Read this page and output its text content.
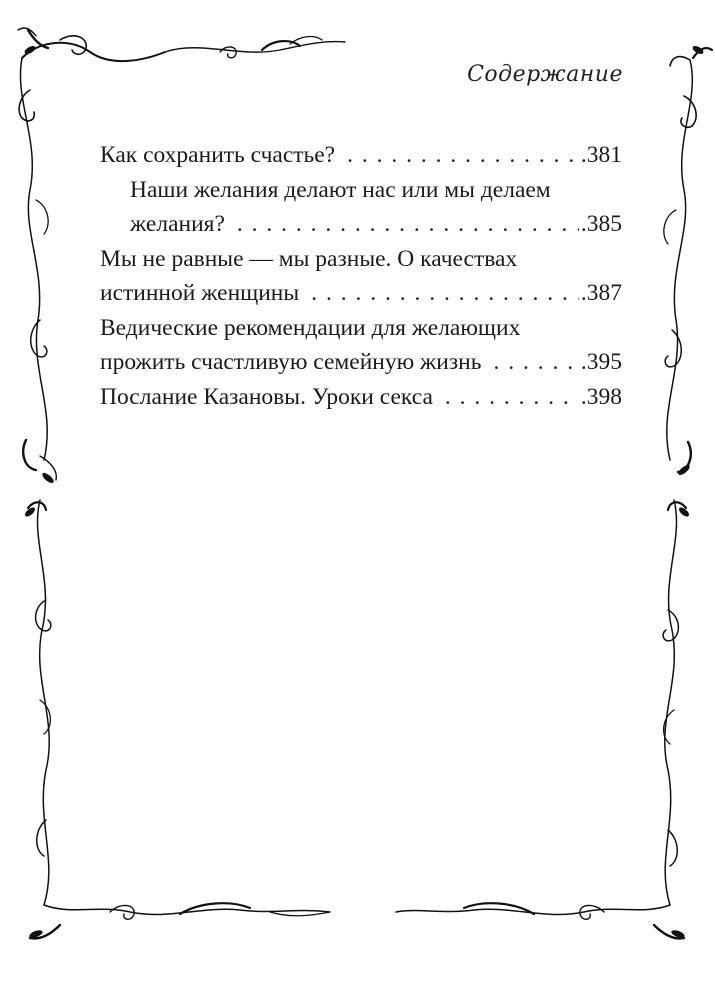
Содержание
Как сохранить счастье? . . .	.381
Наши желания делают нас или мы делаем
желания? . . .	.385
Мы не равные — мы разные. О качествах
истинной женщины . . .	.387
Ведические рекомендации для желающих
прожить счастливую семейную жизнь . . .	.395
Послание Казановы. Уроки секса . . .	.398
